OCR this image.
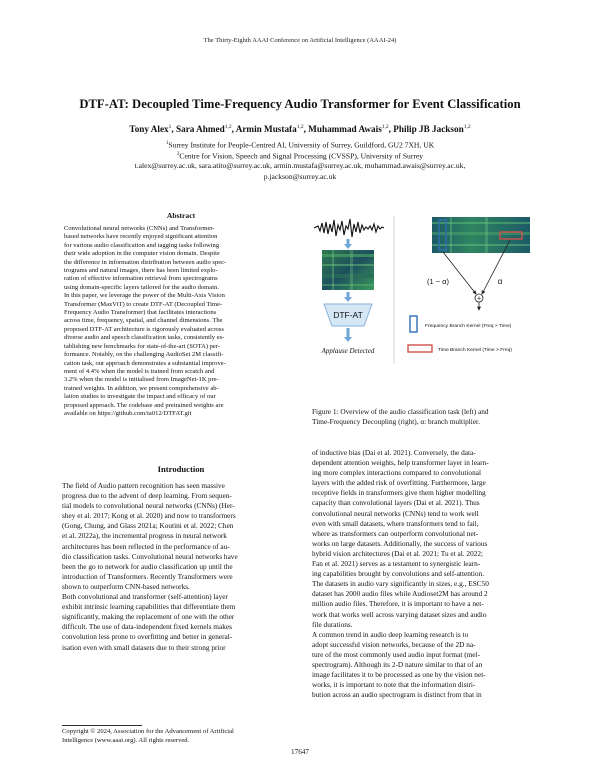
The Thirty-Eighth AAAI Conference on Artificial Intelligence (AAAI-24)
DTF-AT: Decoupled Time-Frequency Audio Transformer for Event Classification
Tony Alex$^1$, Sara Ahmed$^{1,2}$, Armin Mustafa$^{1,2}$, Muhammad Awais$^{1,2}$, Philip JB Jackson$^{1,2}$
$^1$Surrey Institute for People-Centred AI, University of Surrey, Guildford, GU2 7XH, UK
$^2$Centre for Vision, Speech and Signal Processing (CVSSP), University of Surrey
t.alex@surrey.ac.uk, sara.atito@surrey.ac.uk, armin.mustafa@surrey.ac.uk, muhammad.awais@surrey.ac.uk,
p.jackson@surrey.ac.uk
Abstract
Convolutional neural networks (CNNs) and Transformer-
based networks have recently enjoyed significant attention
for various audio classification and tagging tasks following
their wide adoption in the computer vision domain. Despite
the difference in information distribution between audio spec-
trograms and natural images, there has been limited explo-
ration of effective information retrieval from spectrograms
using domain-specific layers tailored for the audio domain.
In this paper, we leverage the power of the Multi-Axis Vision
Transformer (MaxViT) to create DTF-AT (Decoupled Time-
Frequency Audio Transformer) that facilitates interactions
across time, frequency, spatial, and channel dimensions. The
proposed DTF-AT architecture is rigorously evaluated across
diverse audio and speech classification tasks, consistently es-
tablishing new benchmarks for state-of-the-art (SOTA) per-
formance. Notably, on the challenging AudioSet 2M classifi-
cation task, our approach demonstrates a substantial improve-
ment of 4.4% when the model is trained from scratch and
3.2% when the model is initialised from ImageNet-1K pre-
trained weights. In addition, we present comprehensive ab-
lation studies to investigate the impact and efficacy of our
proposed approach. The codebase and pretrained weights are
available on https://github.com/ta012/DTFAT.git
Introduction
The field of Audio pattern recognition has seen massive
progress due to the advent of deep learning. From sequen-
tial models to convolutional neural networks (CNNs) (Her-
shey et al. 2017; Kong et al. 2020) and now to transformers
(Gong, Chung, and Glass 2021a; Koutini et al. 2022; Chen
et al. 2022a), the incremental progress in neural network
architectures has been reflected in the performance of au-
dio classification tasks. Convolutional neural networks have
been the go to network for audio classification up until the
introduction of Transformers. Recently Transformers were
shown to outperform CNN-based networks.
Both convolutional and transformer (self-attention) layer
exhibit intrinsic learning capabilities that differentiate them
significantly, making the replacement of one with the other
difficult. The use of data-independent fixed kernels makes
convolution less prone to overfitting and better in general-
isation even with small datasets due to their strong prior
Copyright © 2024, Association for the Advancement of Artificial
Intelligence (www.aaai.org). All rights reserved.
DTF-AT
Applause Detected
(1 − α)	α
+
Frequency Branch Kernel (Freq > Time)
Time Branch Kernel (Time > Freq)
Figure 1: Overview of the audio classification task (left) and
Time-Frequency Decoupling (right), α: branch multiplier.
of inductive bias (Dai et al. 2021). Conversely, the data-
dependent attention weights, help transformer layer in learn-
ing more complex interactions compared to convolutional
layers with the added risk of overfitting. Furthermore, large
receptive fields in transformers give them higher modelling
capacity than convolutional layers (Dai et al. 2021). Thus
convolutional neural networks (CNNs) tend to work well
even with small datasets, where transformers tend to fail,
where as transformers can outperform convolutional net-
works on large datasets. Additionally, the success of various
hybrid vision architectures (Dai et al. 2021; Tu et al. 2022;
Fan et al. 2021) serves as a testament to synergistic learn-
ing capabilities brought by convolutions and self-attention.
The datasets in audio vary significantly in sizes, e.g., ESC50
dataset has 2000 audio files while Audioset2M has around 2
million audio files. Therefore, it is important to have a net-
work that works well across varying dataset sizes and audio
file durations.
A common trend in audio deep learning research is to
adopt successful vision networks, because of the 2D na-
ture of the most commonly used audio input format (mel-
spectrogram). Although its 2-D nature similar to that of an
image facilitates it to be processed as one by the vision net-
works, it is important to note that the information distri-
bution across an audio spectrogram is distinct from that in
17647
